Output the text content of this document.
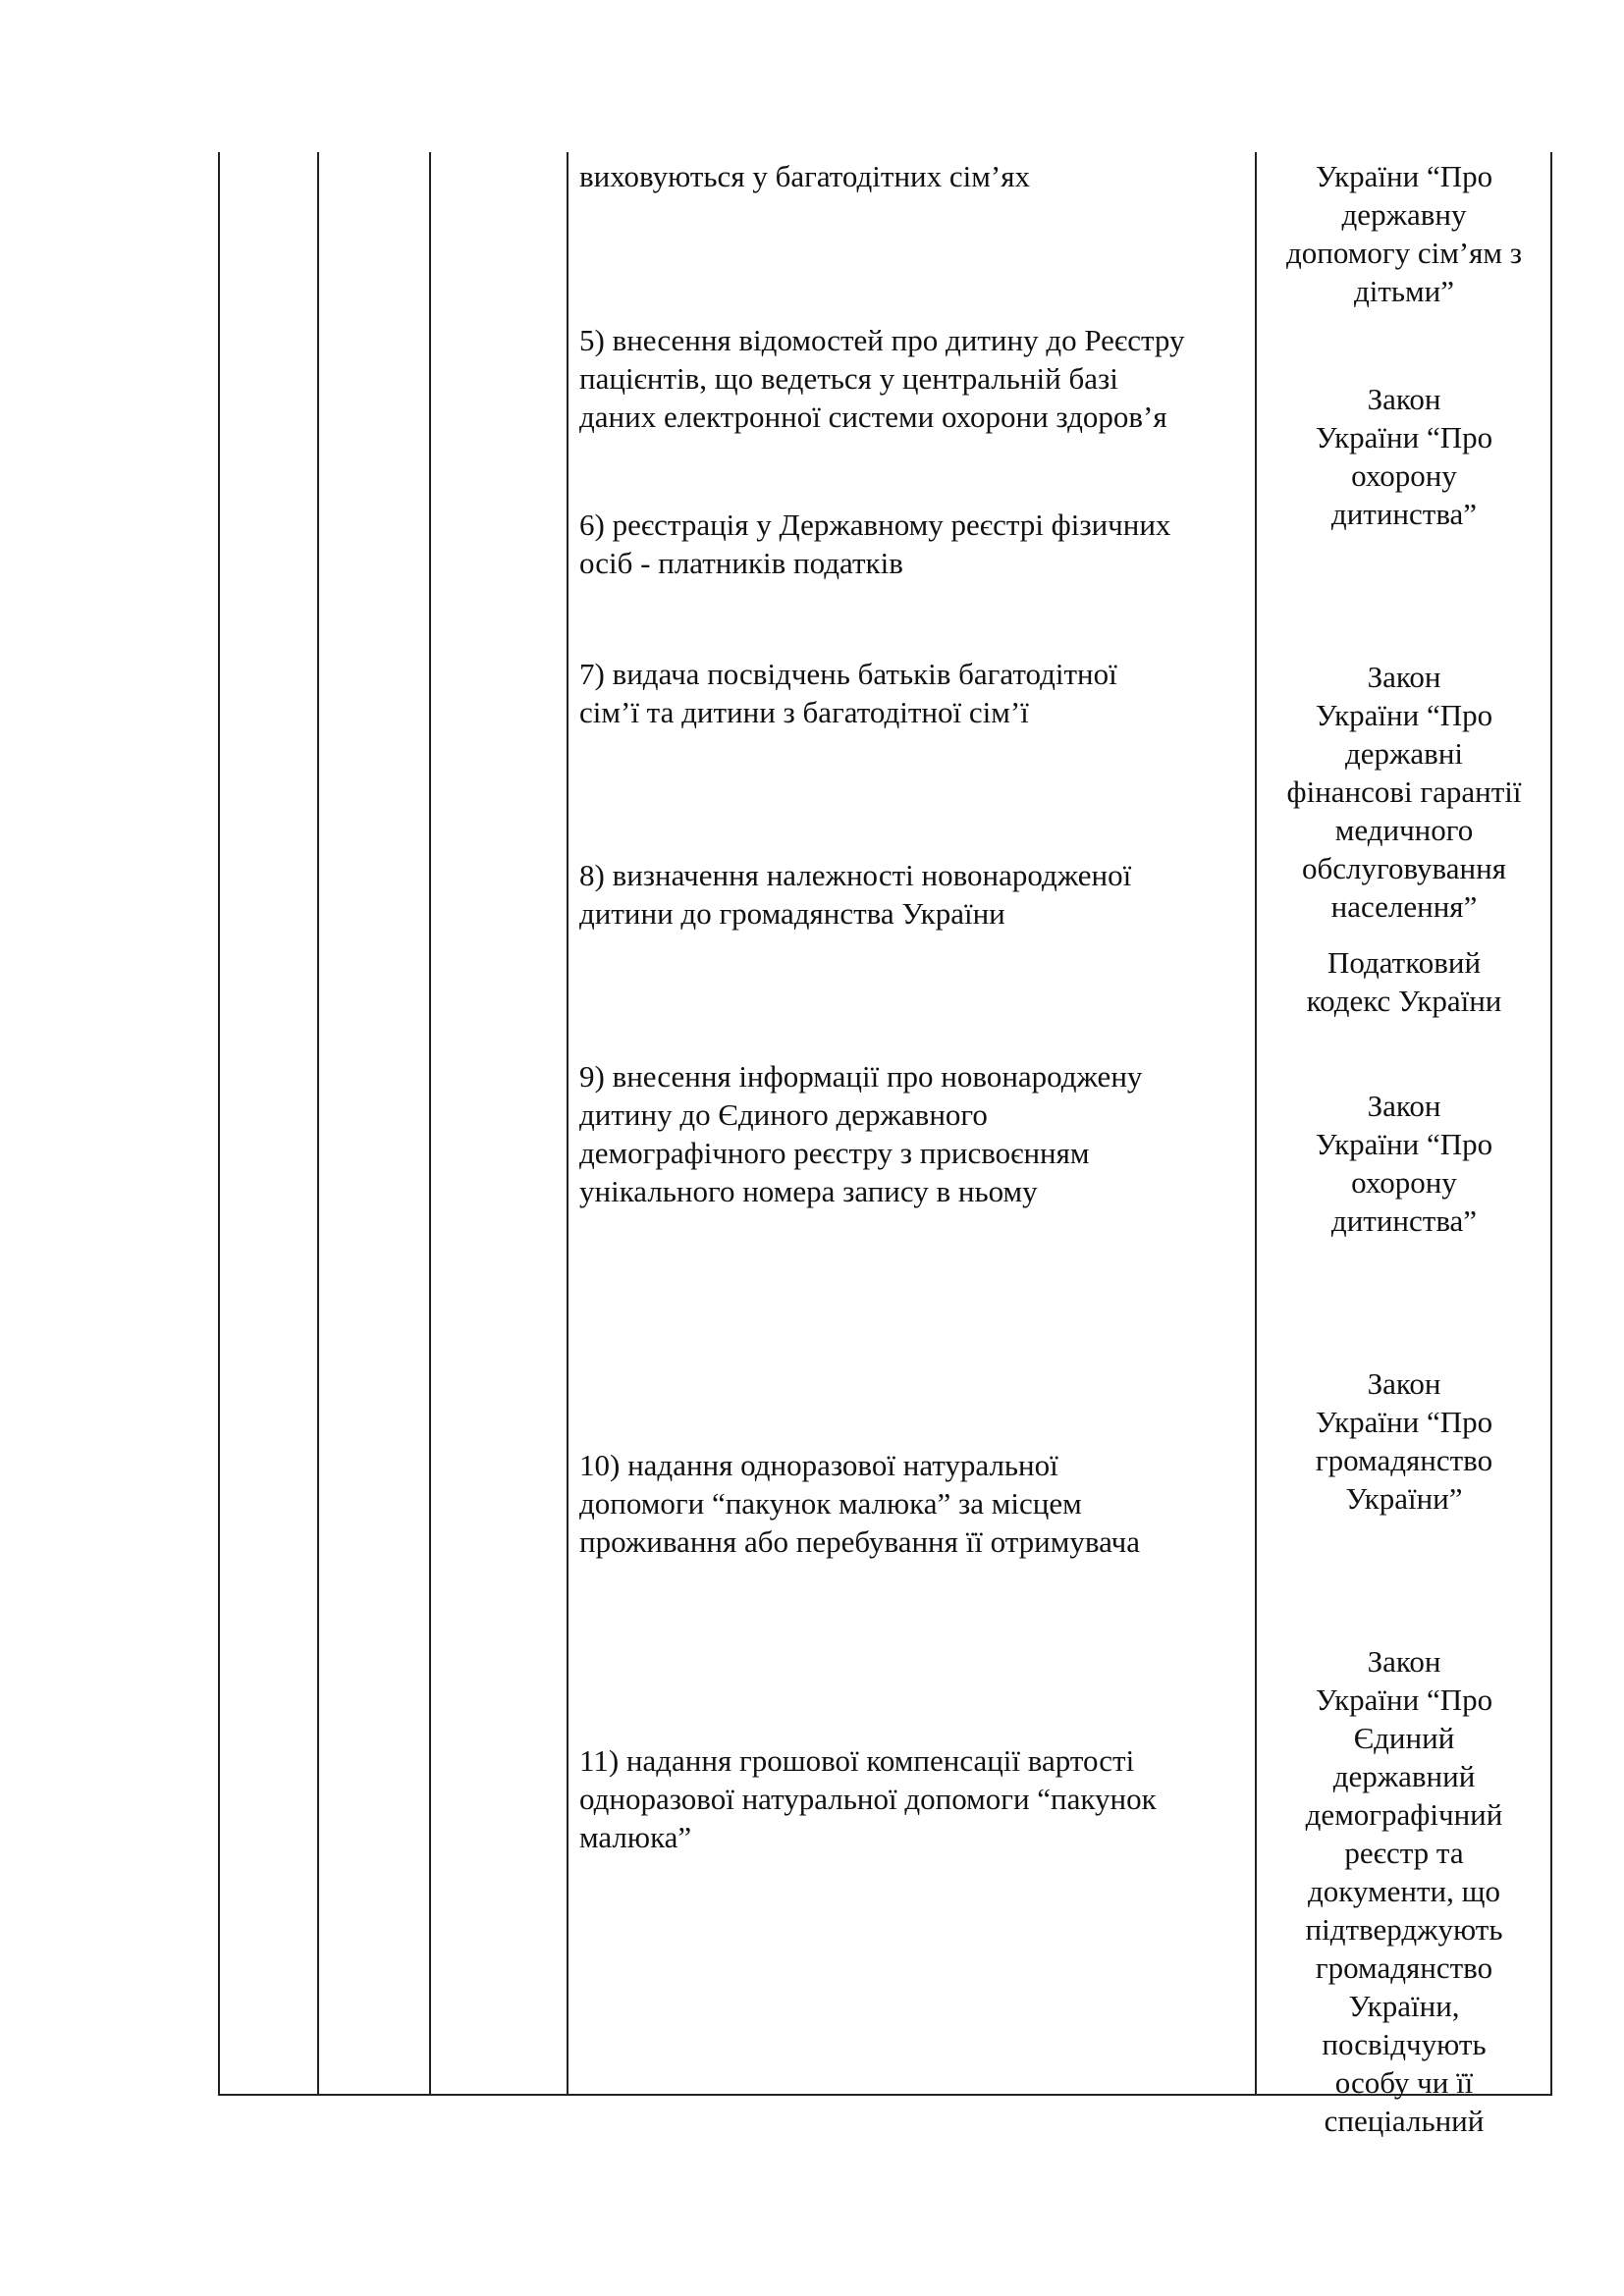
виховуються у багатодітних сім’ях
5) внесення відомостей про дитину до Реєстру
пацієнтів, що ведеться у центральній базі
даних електронної системи охорони здоров’я
6) реєстрація у Державному реєстрі фізичних
осіб - платників податків
7) видача посвідчень батьків багатодітної
сім’ї та дитини з багатодітної сім’ї
8) визначення належності новонародженої
дитини до громадянства України
9) внесення інформації про новонароджену
дитину до Єдиного державного
демографічного реєстру з присвоєнням
унікального номера запису в ньому
10) надання одноразової натуральної
допомоги “пакунок малюка” за місцем
проживання або перебування її отримувача
11) надання грошової компенсації вартості
одноразової натуральної допомоги “пакунок
малюка”
України “Про
державну
допомогу сім’ям з
дітьми”
Закон
України “Про
охорону
дитинства”
Закон
України “Про
державні
фінансові гарантії
медичного
обслуговування
населення”
Податковий
кодекс України
Закон
України “Про
охорону
дитинства”
Закон
України “Про
громадянство
України”
Закон
України “Про
Єдиний
державний
демографічний
реєстр та
документи, що
підтверджують
громадянство
України,
посвідчують
особу чи її
спеціальний
